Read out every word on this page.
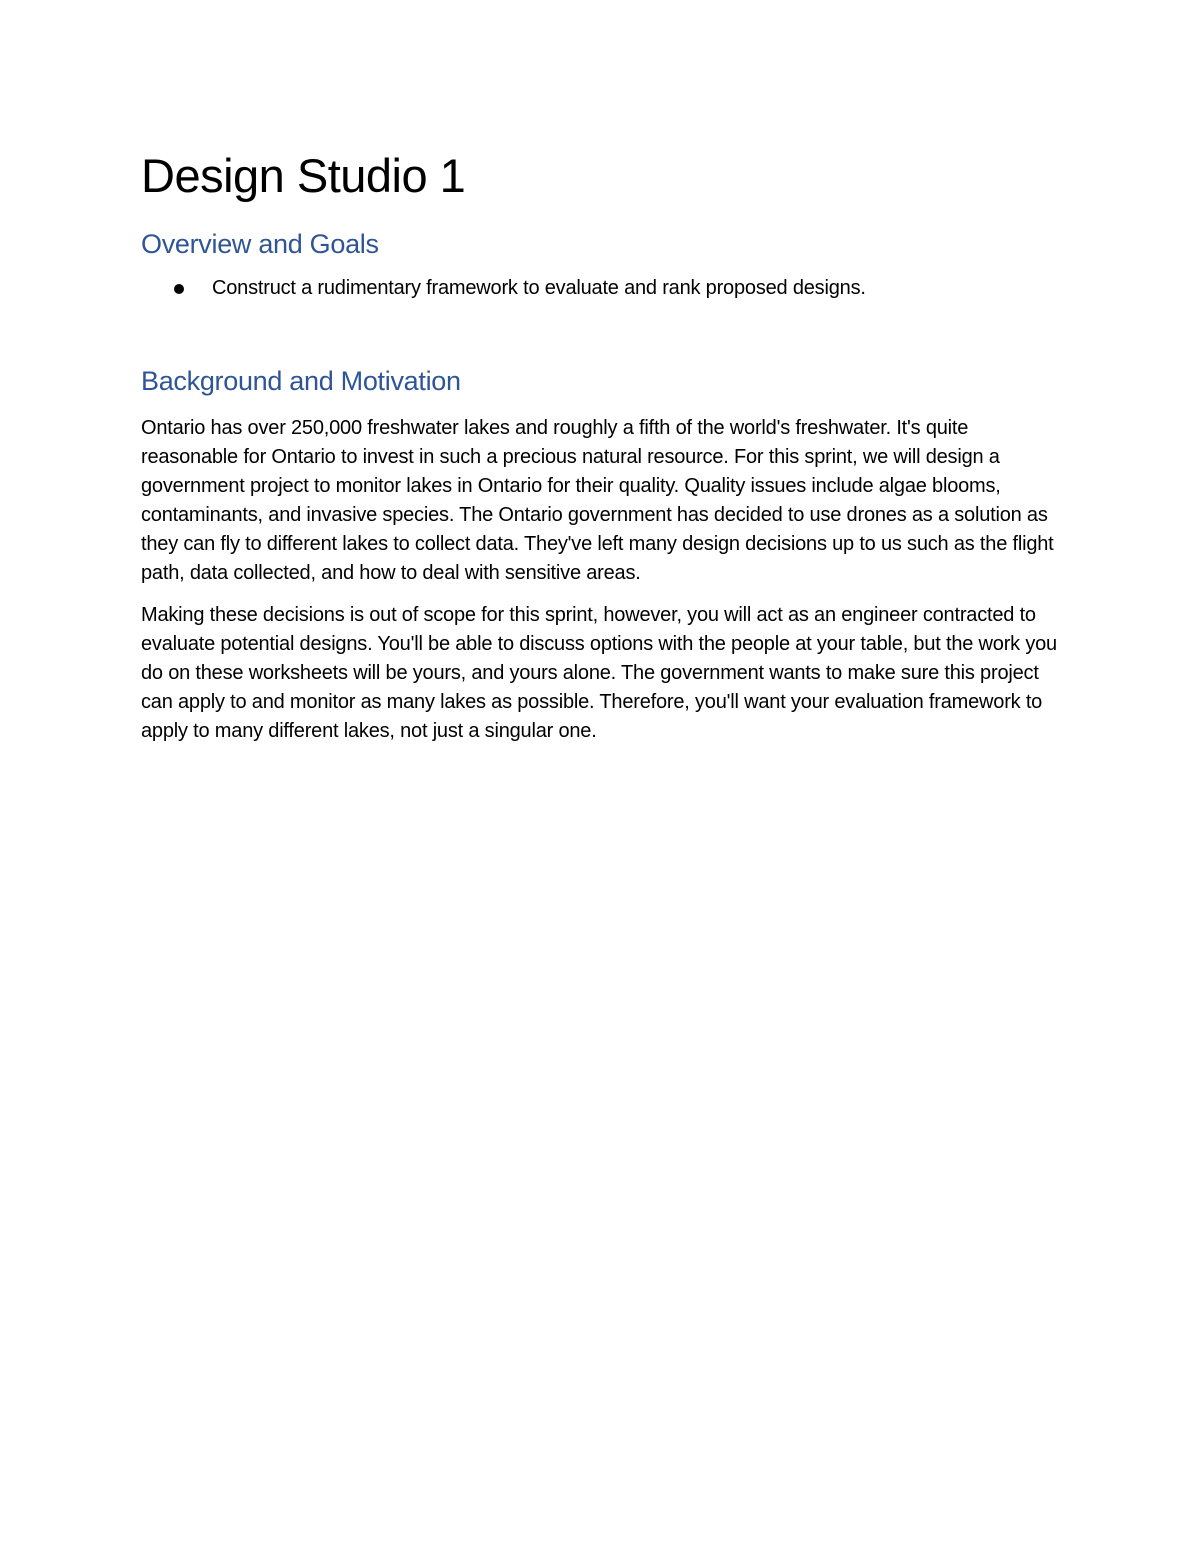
Design Studio 1
Overview and Goals
Construct a rudimentary framework to evaluate and rank proposed designs.
Background and Motivation

Ontario has over 250,000 freshwater lakes and roughly a fifth of the world's freshwater. It's quite reasonable for Ontario to invest in such a precious natural resource. For this sprint, we will design a government project to monitor lakes in Ontario for their quality. Quality issues include algae blooms, contaminants, and invasive species. The Ontario government has decided to use drones as a solution as they can fly to different lakes to collect data. They've left many design decisions up to us such as the flight path, data collected, and how to deal with sensitive areas.

Making these decisions is out of scope for this sprint, however, you will act as an engineer contracted to evaluate potential designs. You'll be able to discuss options with the people at your table, but the work you do on these worksheets will be yours, and yours alone. The government wants to make sure this project can apply to and monitor as many lakes as possible. Therefore, you'll want your evaluation framework to apply to many different lakes, not just a singular one.
